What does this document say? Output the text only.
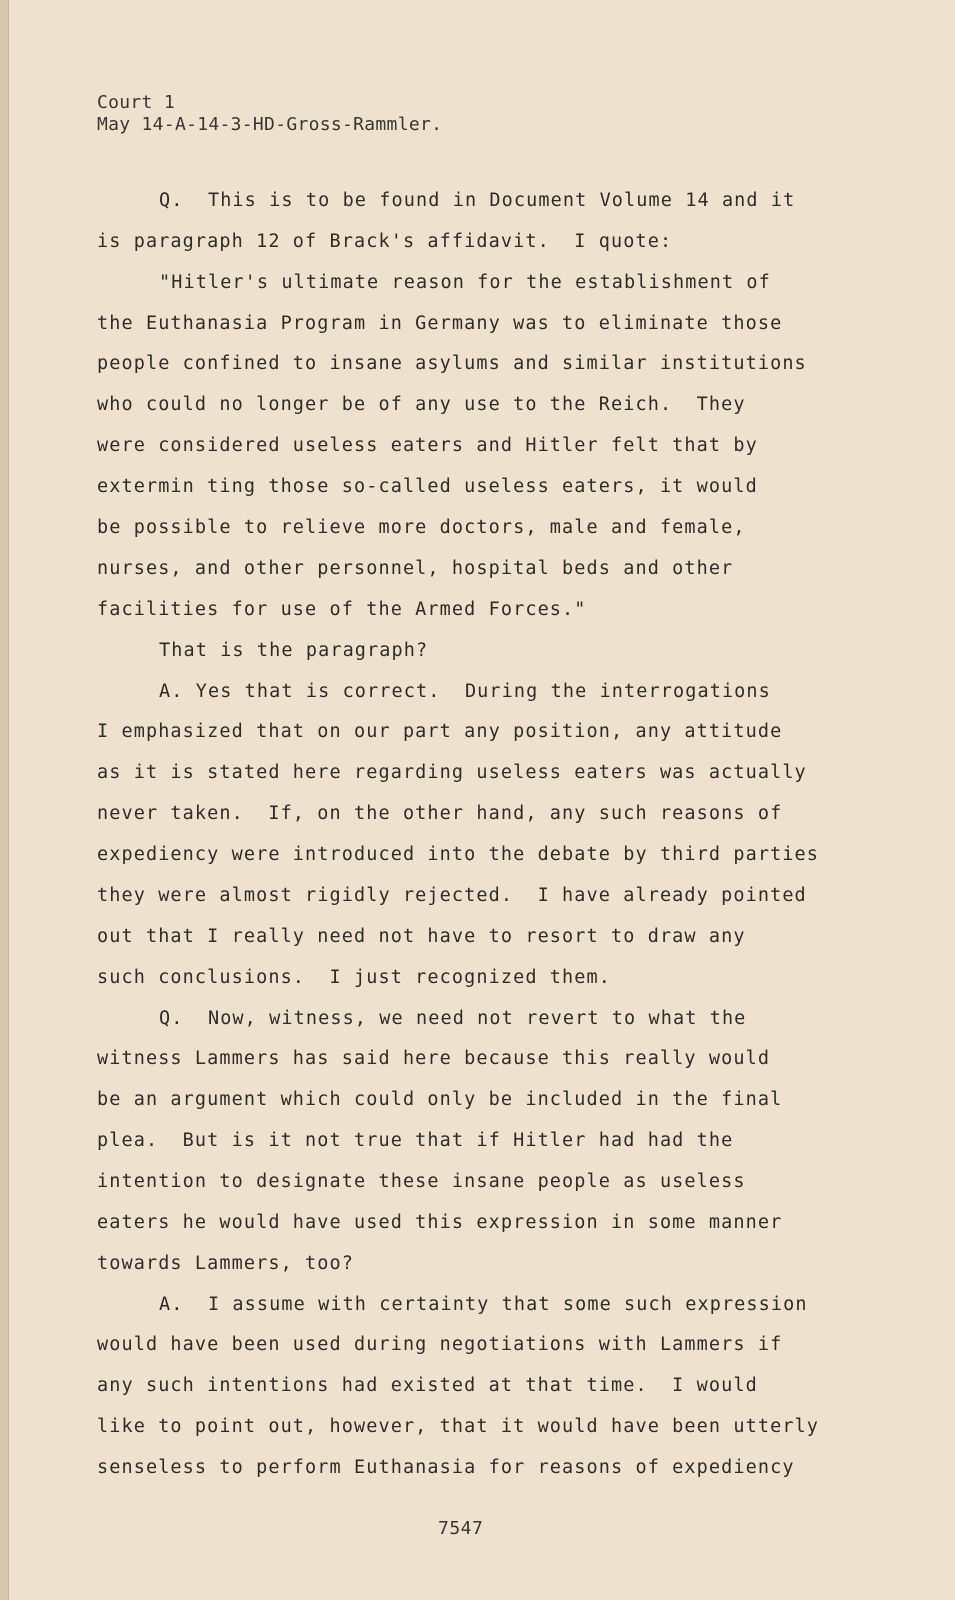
Court 1
May 14-A-14-3-HD-Gross-Rammler.
Q.  This is to be found in Document Volume 14 and it
is paragraph 12 of Brack's affidavit.  I quote:
"Hitler's ultimate reason for the establishment of
the Euthanasia Program in Germany was to eliminate those
people confined to insane asylums and similar institutions
who could no longer be of any use to the Reich.  They
were considered useless eaters and Hitler felt that by
extermin ting those so-called useless eaters, it would
be possible to relieve more doctors, male and female,
nurses, and other personnel, hospital beds and other
facilities for use of the Armed Forces."
That is the paragraph?
A. Yes that is correct.  During the interrogations
I emphasized that on our part any position, any attitude
as it is stated here regarding useless eaters was actually
never taken.  If, on the other hand, any such reasons of
expediency were introduced into the debate by third parties
they were almost rigidly rejected.  I have already pointed
out that I really need not have to resort to draw any
such conclusions.  I just recognized them.
Q.  Now, witness, we need not revert to what the
witness Lammers has said here because this really would
be an argument which could only be included in the final
plea.  But is it not true that if Hitler had had the
intention to designate these insane people as useless
eaters he would have used this expression in some manner
towards Lammers, too?
A.  I assume with certainty that some such expression
would have been used during negotiations with Lammers if
any such intentions had existed at that time.  I would
like to point out, however, that it would have been utterly
senseless to perform Euthanasia for reasons of expediency
7547
